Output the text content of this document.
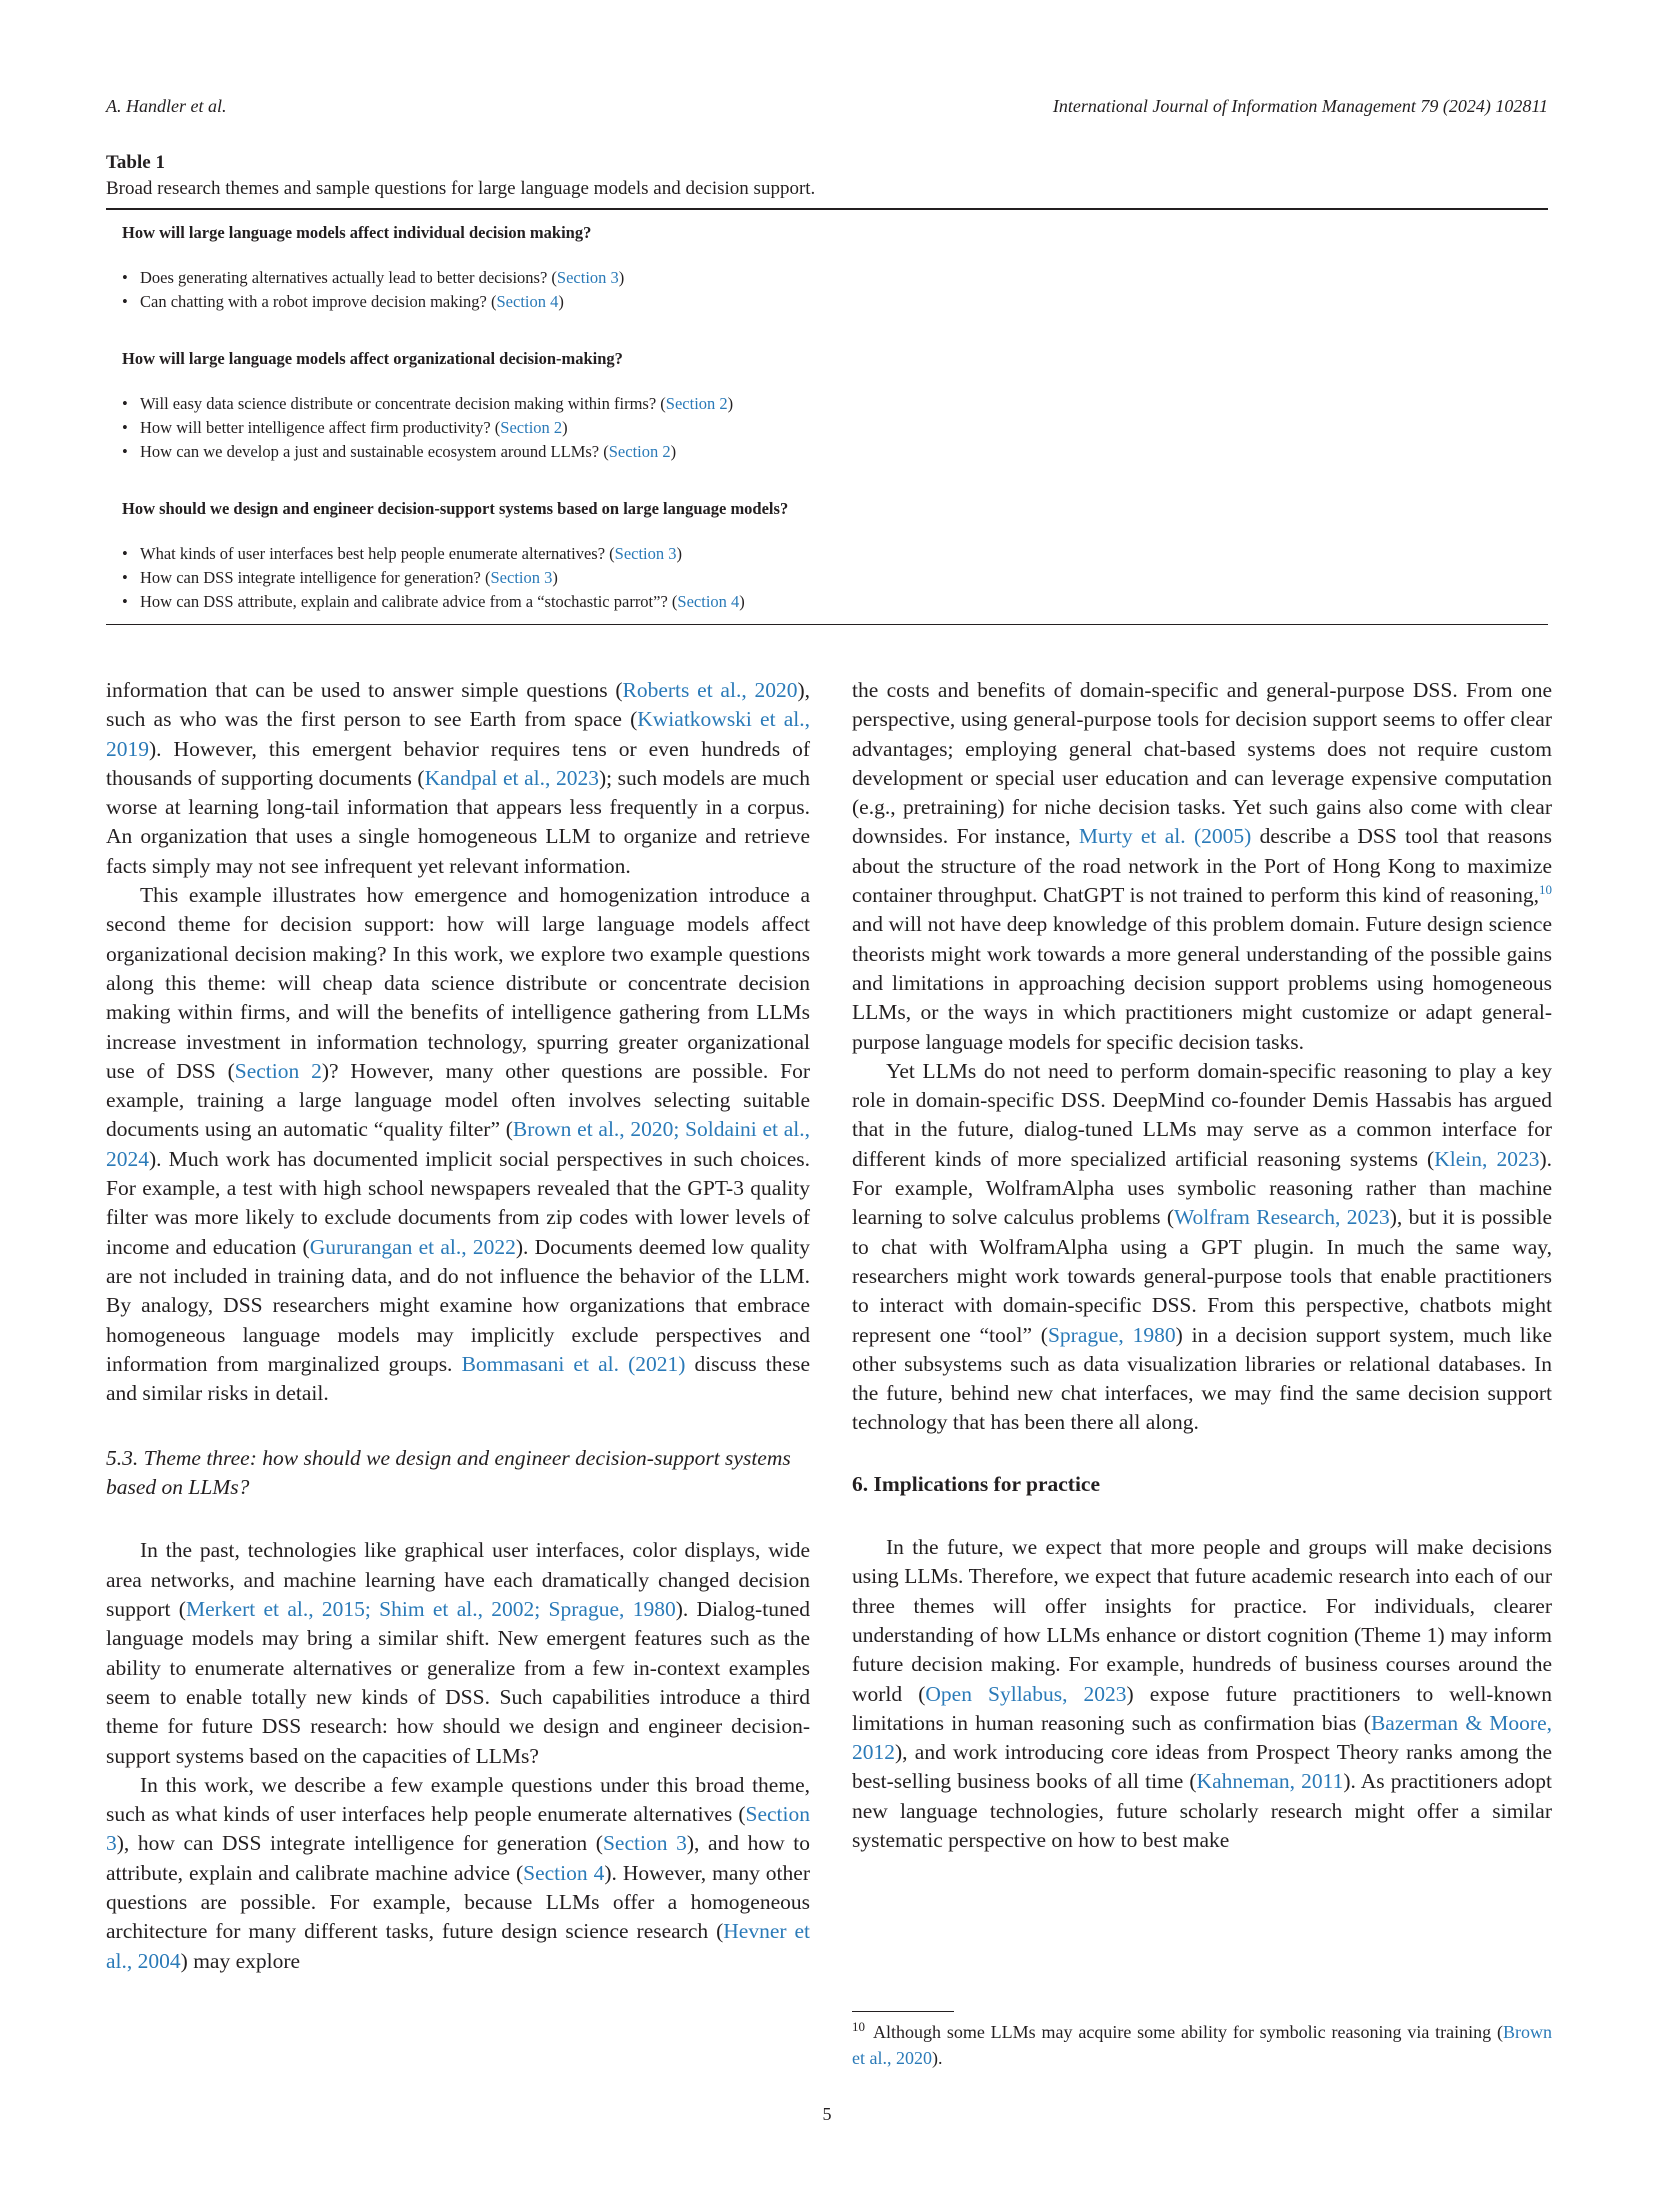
A. Handler et al.	International Journal of Information Management 79 (2024) 102811
Table 1
Broad research themes and sample questions for large language models and decision support.
How will large language models affect individual decision making?
• Does generating alternatives actually lead to better decisions? (Section 3)
• Can chatting with a robot improve decision making? (Section 4)
How will large language models affect organizational decision-making?
• Will easy data science distribute or concentrate decision making within firms? (Section 2)
• How will better intelligence affect firm productivity? (Section 2)
• How can we develop a just and sustainable ecosystem around LLMs? (Section 2)
How should we design and engineer decision-support systems based on large language models?
• What kinds of user interfaces best help people enumerate alternatives? (Section 3)
• How can DSS integrate intelligence for generation? (Section 3)
• How can DSS attribute, explain and calibrate advice from a “stochastic parrot”? (Section 4)

information that can be used to answer simple questions (Roberts et al., 2020), such as who was the first person to see Earth from space (Kwiatkowski et al., 2019). However, this emergent behavior requires tens or even hundreds of thousands of supporting documents (Kandpal et al., 2023); such models are much worse at learning long-tail information that appears less frequently in a corpus. An organization that uses a single homogeneous LLM to organize and retrieve facts simply may not see infrequent yet relevant information.

This example illustrates how emergence and homogenization introduce a second theme for decision support: how will large language models affect organizational decision making? In this work, we explore two example questions along this theme: will cheap data science distribute or concentrate decision making within firms, and will the benefits of intelligence gathering from LLMs increase investment in information technology, spurring greater organizational use of DSS (Section 2)? However, many other questions are possible. For example, training a large language model often involves selecting suitable documents using an automatic “quality filter” (Brown et al., 2020; Soldaini et al., 2024). Much work has documented implicit social perspectives in such choices. For example, a test with high school newspapers revealed that the GPT-3 quality filter was more likely to exclude documents from zip codes with lower levels of income and education (Gururangan et al., 2022). Documents deemed low quality are not included in training data, and do not influence the behavior of the LLM. By analogy, DSS researchers might examine how organizations that embrace homogeneous language models may implicitly exclude perspectives and information from marginalized groups. Bommasani et al. (2021) discuss these and similar risks in detail.

5.3. Theme three: how should we design and engineer decision-support systems based on LLMs?

In the past, technologies like graphical user interfaces, color displays, wide area networks, and machine learning have each dramatically changed decision support (Merkert et al., 2015; Shim et al., 2002; Sprague, 1980). Dialog-tuned language models may bring a similar shift. New emergent features such as the ability to enumerate alternatives or generalize from a few in-context examples seem to enable totally new kinds of DSS. Such capabilities introduce a third theme for future DSS research: how should we design and engineer decision-support systems based on the capacities of LLMs?

In this work, we describe a few example questions under this broad theme, such as what kinds of user interfaces help people enumerate alternatives (Section 3), how can DSS integrate intelligence for generation (Section 3), and how to attribute, explain and calibrate machine advice (Section 4). However, many other questions are possible. For example, because LLMs offer a homogeneous architecture for many different tasks, future design science research (Hevner et al., 2004) may explore

the costs and benefits of domain-specific and general-purpose DSS. From one perspective, using general-purpose tools for decision support seems to offer clear advantages; employing general chat-based systems does not require custom development or special user education and can leverage expensive computation (e.g., pretraining) for niche decision tasks. Yet such gains also come with clear downsides. For instance, Murty et al. (2005) describe a DSS tool that reasons about the structure of the road network in the Port of Hong Kong to maximize container throughput. ChatGPT is not trained to perform this kind of reasoning,$^{10}$ and will not have deep knowledge of this problem domain. Future design science theorists might work towards a more general understanding of the possible gains and limitations in approaching decision support problems using homogeneous LLMs, or the ways in which practitioners might customize or adapt general-purpose language models for specific decision tasks.

Yet LLMs do not need to perform domain-specific reasoning to play a key role in domain-specific DSS. DeepMind co-founder Demis Hassabis has argued that in the future, dialog-tuned LLMs may serve as a common interface for different kinds of more specialized artificial reasoning systems (Klein, 2023). For example, WolframAlpha uses symbolic reasoning rather than machine learning to solve calculus problems (Wolfram Research, 2023), but it is possible to chat with WolframAlpha using a GPT plugin. In much the same way, researchers might work towards general-purpose tools that enable practitioners to interact with domain-specific DSS. From this perspective, chatbots might represent one “tool” (Sprague, 1980) in a decision support system, much like other subsystems such as data visualization libraries or relational databases. In the future, behind new chat interfaces, we may find the same decision support technology that has been there all along.

6. Implications for practice

In the future, we expect that more people and groups will make decisions using LLMs. Therefore, we expect that future academic research into each of our three themes will offer insights for practice. For individuals, clearer understanding of how LLMs enhance or distort cognition (Theme 1) may inform future decision making. For example, hundreds of business courses around the world (Open Syllabus, 2023) expose future practitioners to well-known limitations in human reasoning such as confirmation bias (Bazerman & Moore, 2012), and work introducing core ideas from Prospect Theory ranks among the best-selling business books of all time (Kahneman, 2011). As practitioners adopt new language technologies, future scholarly research might offer a similar systematic perspective on how to best make

$^{10}$ Although some LLMs may acquire some ability for symbolic reasoning via training (Brown et al., 2020).
5
